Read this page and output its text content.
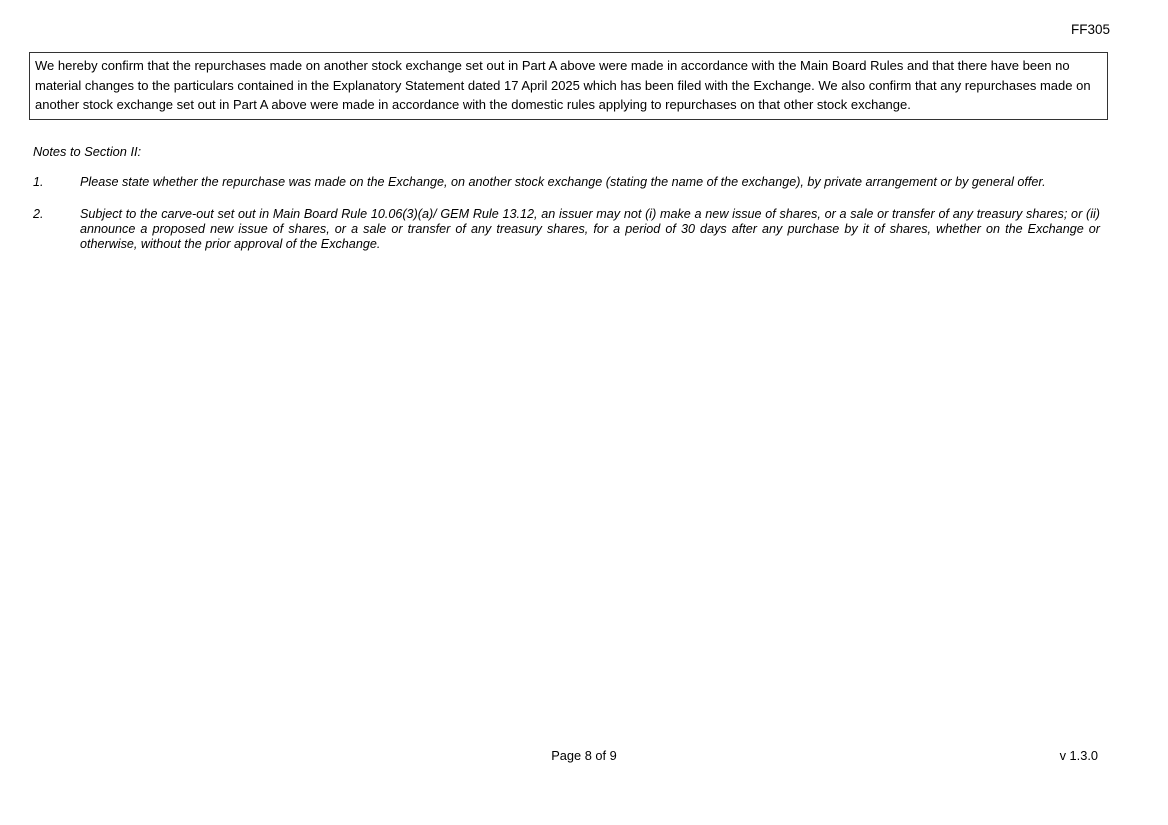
FF305
We hereby confirm that the repurchases made on another stock exchange set out in Part A above were made in accordance with the Main Board Rules and that there have been no material changes to the particulars contained in the Explanatory Statement dated 17 April 2025 which has been filed with the Exchange. We also confirm that any repurchases made on another stock exchange set out in Part A above were made in accordance with the domestic rules applying to repurchases on that other stock exchange.
Notes to Section II:
1.	Please state whether the repurchase was made on the Exchange, on another stock exchange (stating the name of the exchange), by private arrangement or by general offer.
2.	Subject to the carve-out set out in Main Board Rule 10.06(3)(a)/ GEM Rule 13.12, an issuer may not (i) make a new issue of shares, or a sale or transfer of any treasury shares; or (ii) announce a proposed new issue of shares, or a sale or transfer of any treasury shares, for a period of 30 days after any purchase by it of shares, whether on the Exchange or otherwise, without the prior approval of the Exchange.
Page 8 of 9	v 1.3.0
